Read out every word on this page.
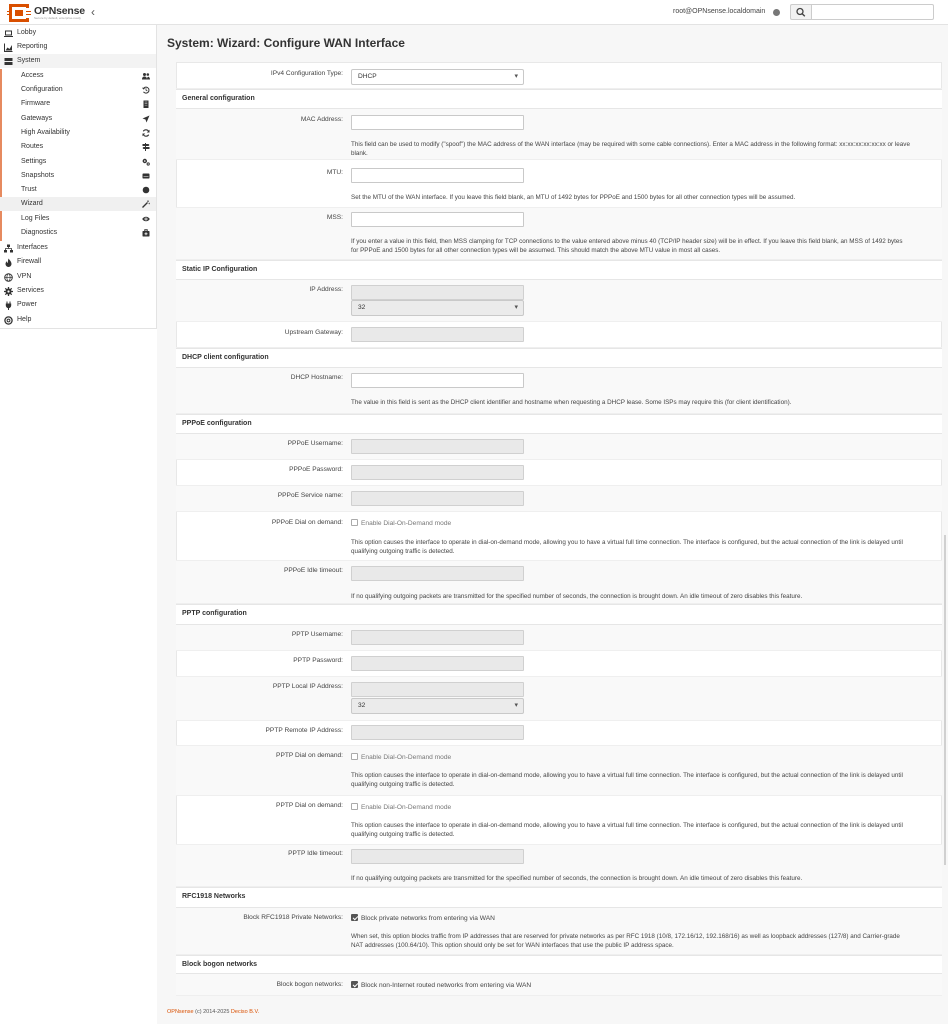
OPNsense
Secure by default, enterprise-ready ‹	root@OPNsense.localdomain
Lobby
Reporting
System
Access
Configuration
Firmware
Gateways
High Availability
Routes
Settings
Snapshots
Trust
Wizard
Log Files
Diagnostics
Interfaces
Firewall
VPN
Services
Power
Help
System: Wizard: Configure WAN Interface
IPv4 Configuration Type:	DHCP ▾
General configuration
MAC Address:
This field can be used to modify ("spoof") the MAC address of the WAN interface (may be required with some cable connections). Enter a MAC address in the following format: xx:xx:xx:xx:xx:xx or leave blank.
MTU:
Set the MTU of the WAN interface. If you leave this field blank, an MTU of 1492 bytes for PPPoE and 1500 bytes for all other connection types will be assumed.
MSS:
If you enter a value in this field, then MSS clamping for TCP connections to the value entered above minus 40 (TCP/IP header size) will be in effect. If you leave this field blank, an MSS of 1492 bytes for PPPoE and 1500 bytes for all other connection types will be assumed. This should match the above MTU value in most all cases.
Static IP Configuration
IP Address:
32 ▾
Upstream Gateway:
DHCP client configuration
DHCP Hostname:
The value in this field is sent as the DHCP client identifier and hostname when requesting a DHCP lease. Some ISPs may require this (for client identification).
PPPoE configuration
PPPoE Username:
PPPoE Password:
PPPoE Service name:
PPPoE Dial on demand:	Enable Dial-On-Demand mode
This option causes the interface to operate in dial-on-demand mode, allowing you to have a virtual full time connection. The interface is configured, but the actual connection of the link is delayed until qualifying outgoing traffic is detected.
PPPoE Idle timeout:
If no qualifying outgoing packets are transmitted for the specified number of seconds, the connection is brought down. An idle timeout of zero disables this feature.
PPTP configuration
PPTP Username:
PPTP Password:
PPTP Local IP Address:
32 ▾
PPTP Remote IP Address:
PPTP Dial on demand:	Enable Dial-On-Demand mode
This option causes the interface to operate in dial-on-demand mode, allowing you to have a virtual full time connection. The interface is configured, but the actual connection of the link is delayed until qualifying outgoing traffic is detected.
PPTP Dial on demand:	Enable Dial-On-Demand mode
This option causes the interface to operate in dial-on-demand mode, allowing you to have a virtual full time connection. The interface is configured, but the actual connection of the link is delayed until qualifying outgoing traffic is detected.
PPTP Idle timeout:
If no qualifying outgoing packets are transmitted for the specified number of seconds, the connection is brought down. An idle timeout of zero disables this feature.
RFC1918 Networks
Block RFC1918 Private Networks:	Block private networks from entering via WAN
When set, this option blocks traffic from IP addresses that are reserved for private networks as per RFC 1918 (10/8, 172.16/12, 192.168/16) as well as loopback addresses (127/8) and Carrier-grade NAT addresses (100.64/10). This option should only be set for WAN interfaces that use the public IP address space.
Block bogon networks
Block bogon networks:	Block non-Internet routed networks from entering via WAN
OPNsense (c) 2014-2025 Deciso B.V.
